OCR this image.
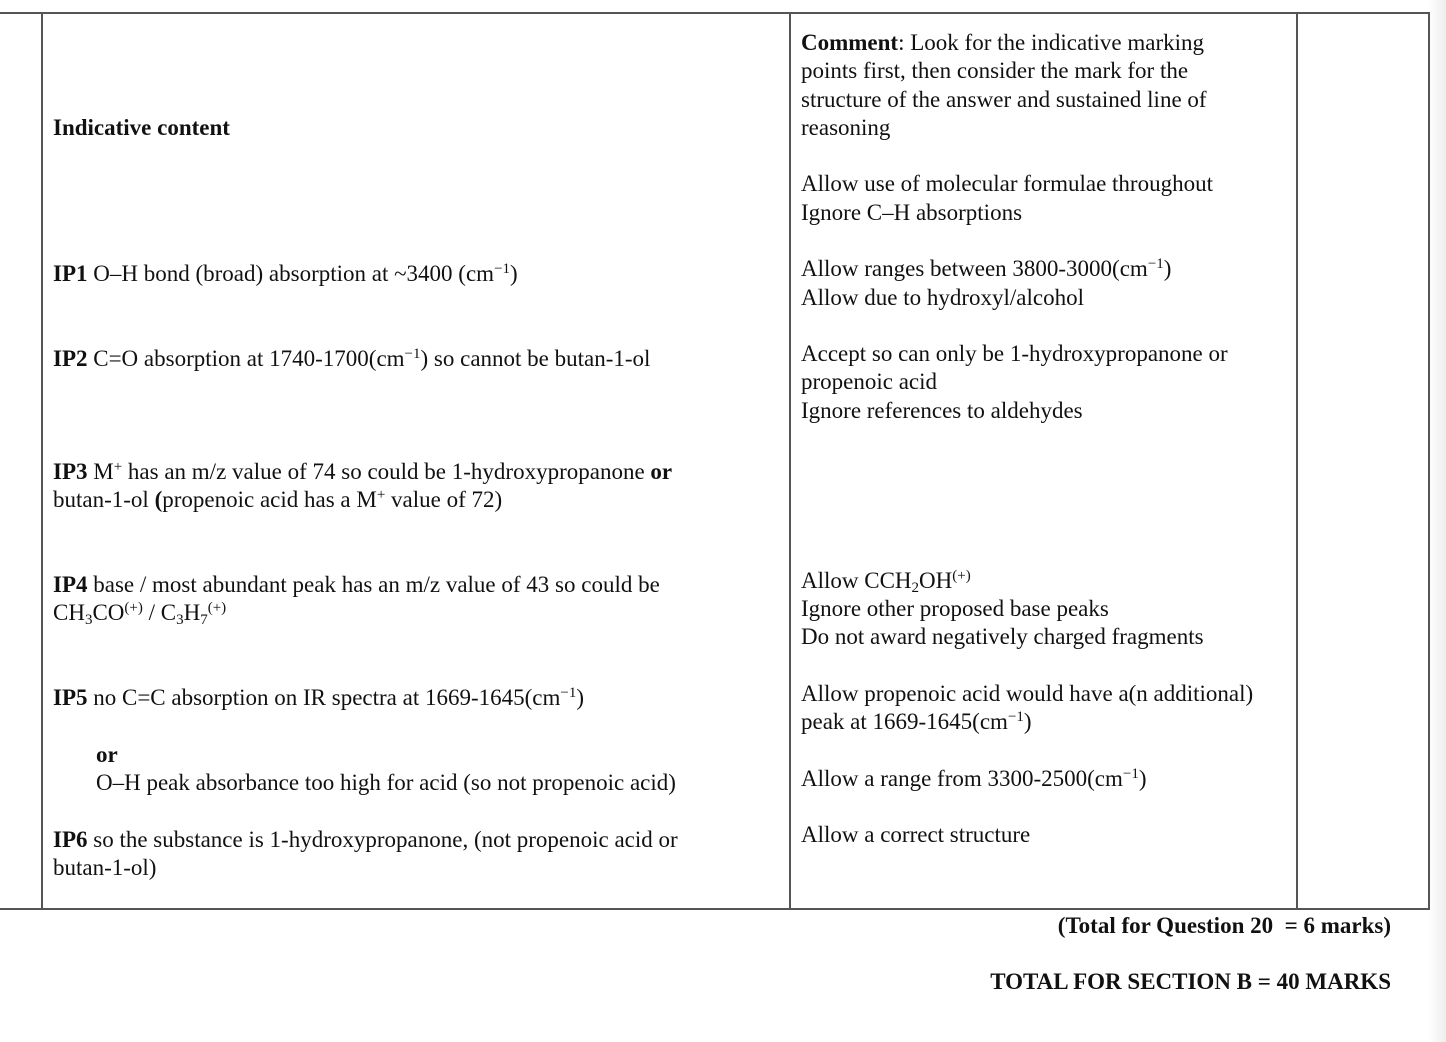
Indicative content
IP1 O–H bond (broad) absorption at ~3400 $(cm^{-1})$
IP2 C=O absorption at $1740-1700(cm^{-1})$ so cannot be butan-1-ol
IP3 M+ has an m/z value of 74 so could be 1-hydroxypropanone or
butan-1-ol (propenoic acid has a M+ value of 72)
IP4 base / most abundant peak has an m/z value of 43 so could be
$CH_3CO^{(+)} / C_3H_7^{(+)}$
IP5 no C=C absorption on IR spectra at $1669-1645(cm^{-1})$
or
O–H peak absorbance too high for acid (so not propenoic acid)
IP6 so the substance is 1-hydroxypropanone, (not propenoic acid or
butan-1-ol)
Comment: Look for the indicative marking
points first, then consider the mark for the
structure of the answer and sustained line of
reasoning
Allow use of molecular formulae throughout
Ignore C–H absorptions
Allow ranges between $3800-3000(cm^{-1})$
Allow due to hydroxyl/alcohol
Accept so can only be 1-hydroxypropanone or
propenoic acid
Ignore references to aldehydes
Allow $CCH_2OH^{(+)}$
Ignore other proposed base peaks
Do not award negatively charged fragments
Allow propenoic acid would have a(n additional)
peak at $1669-1645(cm^{-1})$
Allow a range from $3300-2500(cm^{-1})$
Allow a correct structure
(Total for Question 20  = 6 marks)
TOTAL FOR SECTION B = 40 MARKS
